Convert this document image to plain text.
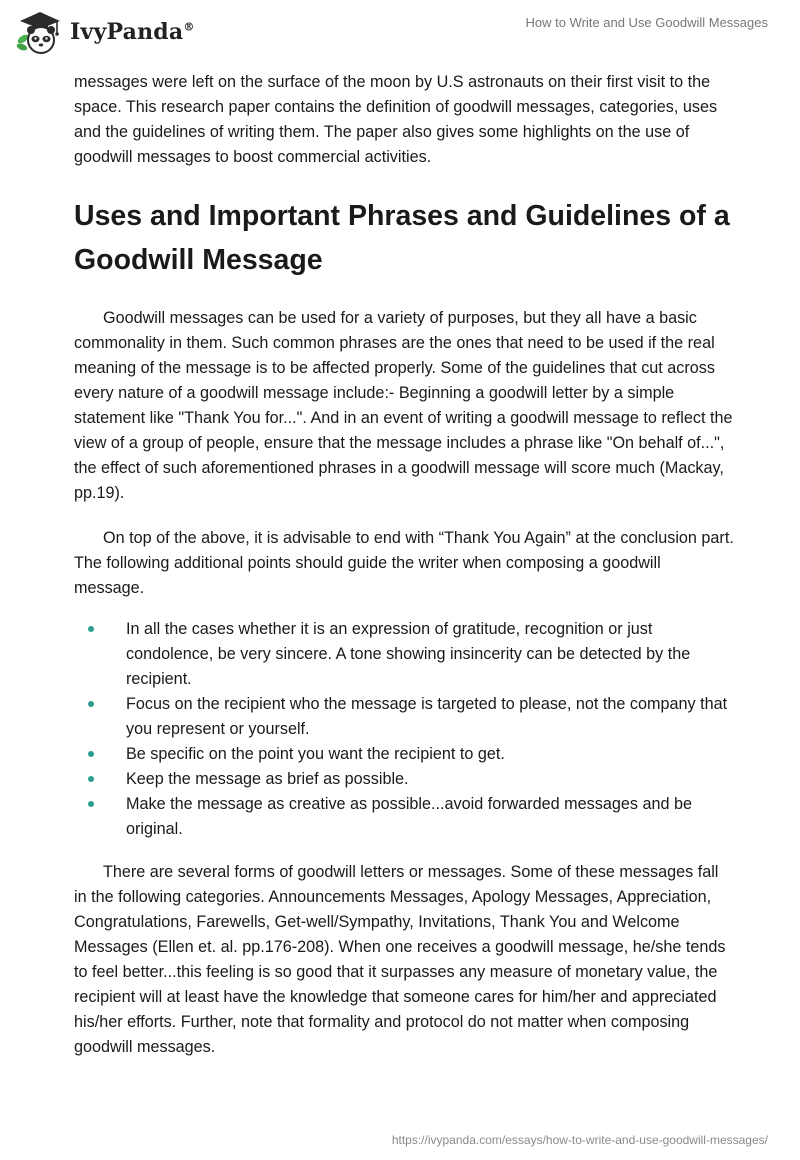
IvyPanda®	How to Write and Use Goodwill Messages

messages were left on the surface of the moon by U.S astronauts on their first visit to the space. This research paper contains the definition of goodwill messages, categories, uses and the guidelines of writing them. The paper also gives some highlights on the use of goodwill messages to boost commercial activities.

Uses and Important Phrases and Guidelines of a Goodwill Message

Goodwill messages can be used for a variety of purposes, but they all have a basic commonality in them. Such common phrases are the ones that need to be used if the real meaning of the message is to be affected properly. Some of the guidelines that cut across every nature of a goodwill message include:- Beginning a goodwill letter by a simple statement like "Thank You for...". And in an event of writing a goodwill message to reflect the view of a group of people, ensure that the message includes a phrase like "On behalf of...", the effect of such aforementioned phrases in a goodwill message will score much (Mackay, pp.19).

On top of the above, it is advisable to end with “Thank You Again” at the conclusion part. The following additional points should guide the writer when composing a goodwill message.

In all the cases whether it is an expression of gratitude, recognition or just condolence, be very sincere. A tone showing insincerity can be detected by the recipient.
Focus on the recipient who the message is targeted to please, not the company that you represent or yourself.
Be specific on the point you want the recipient to get.
Keep the message as brief as possible.
Make the message as creative as possible...avoid forwarded messages and be original.

There are several forms of goodwill letters or messages. Some of these messages fall in the following categories. Announcements Messages, Apology Messages, Appreciation, Congratulations, Farewells, Get-well/Sympathy, Invitations, Thank You and Welcome Messages (Ellen et. al. pp.176-208). When one receives a goodwill message, he/she tends to feel better...this feeling is so good that it surpasses any measure of monetary value, the recipient will at least have the knowledge that someone cares for him/her and appreciated his/her efforts. Further, note that formality and protocol do not matter when composing goodwill messages.

https://ivypanda.com/essays/how-to-write-and-use-goodwill-messages/
